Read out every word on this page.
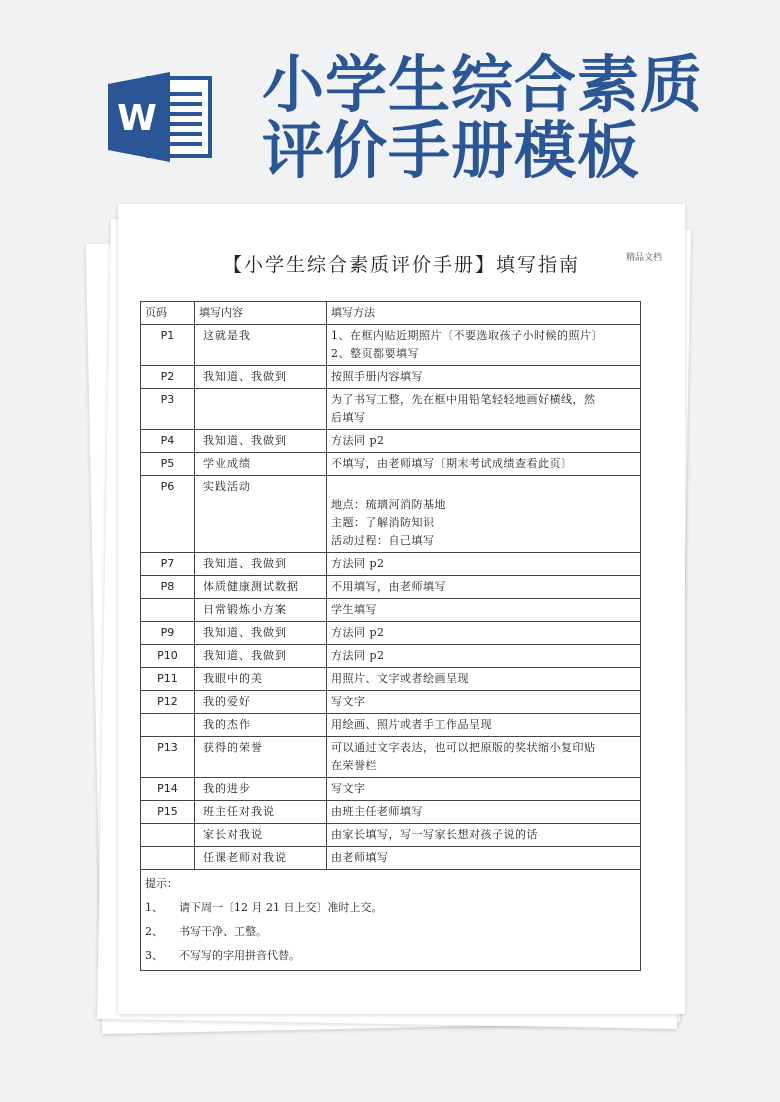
W 小学生综合素质评价手册模板
【小学生综合素质评价手册】填写指南	精品文档
页码	填写内容	填写方法
P1	这就是我	1、在框内贴近期照片〔不要选取孩子小时候的照片〕
2、整页都要填写

P2	我知道、我做到	按照手册内容填写

P3		为了书写工整，先在框中用铅笔轻轻地画好横线，然
后填写

P4	我知道、我做到	方法同 p2

P5	学业成绩	不填写，由老师填写〔期末考试成绩查看此页〕

P6	实践活动	地点：琉璃河消防基地
主题：了解消防知识
活动过程：自己填写

P7	我知道、我做到	方法同 p2

P8	体质健康测试数据	不用填写，由老师填写

	日常锻炼小方案	学生填写

P9	我知道、我做到	方法同 p2

P10	我知道、我做到	方法同 p2

P11	我眼中的美	用照片、文字或者绘画呈现

P12	我的爱好	写文字

	我的杰作	用绘画、照片或者手工作品呈现

P13	获得的荣誉	可以通过文字表达，也可以把原版的奖状缩小复印贴
在荣誉栏

P14	我的进步	写文字

P15	班主任对我说	由班主任老师填写

	家长对我说	由家长填写，写一写家长想对孩子说的话

	任课老师对我说	由老师填写

提示：
1、 请下周一〔12 月 21 日上交〕准时上交。
2、 书写干净、工整。
3、 不写写的字用拼音代替。		
